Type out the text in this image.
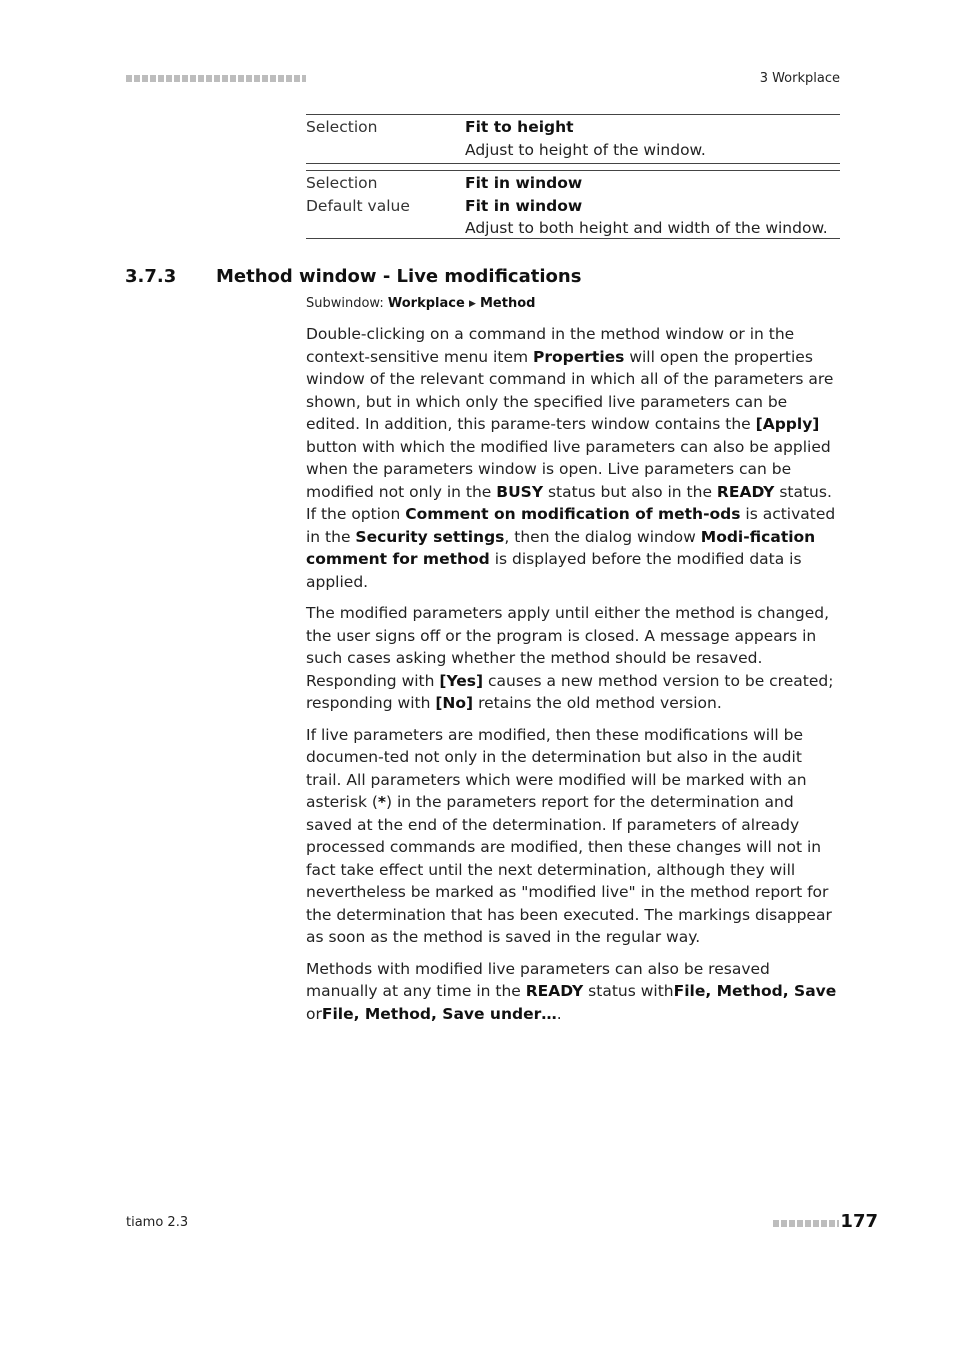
3 Workplace
Selection	Fit to height
Adjust to height of the window.
Selection	Fit in window
Default value	Fit in window
Adjust to both height and width of the window.
3.7.3 Method window - Live modifications
Subwindow: Workplace ▶ Method

Double-clicking on a command in the method window or in the context-sensitive menu item Properties will open the properties window of the relevant command in which all of the parameters are shown, but in which only the specified live parameters can be edited. In addition, this parame-ters window contains the [Apply] button with which the modified live parameters can also be applied when the parameters window is open. Live parameters can be modified not only in the BUSY status but also in the READY status. If the option Comment on modification of meth-ods is activated in the Security settings, then the dialog window Modi-fication comment for method is displayed before the modified data is applied.

The modified parameters apply until either the method is changed, the user signs off or the program is closed. A message appears in such cases asking whether the method should be resaved. Responding with [Yes] causes a new method version to be created; responding with [No] retains the old method version.

If live parameters are modified, then these modifications will be documen-ted not only in the determination but also in the audit trail. All parameters which were modified will be marked with an asterisk (*) in the parameters report for the determination and saved at the end of the determination. If parameters of already processed commands are modified, then these changes will not in fact take effect until the next determination, although they will nevertheless be marked as "modified live" in the method report for the determination that has been executed. The markings disappear as soon as the method is saved in the regular way.

Methods with modified live parameters can also be resaved manually at any time in the READY status withFile, Method, Save orFile, Method, Save under….

tiamo 2.3	177
